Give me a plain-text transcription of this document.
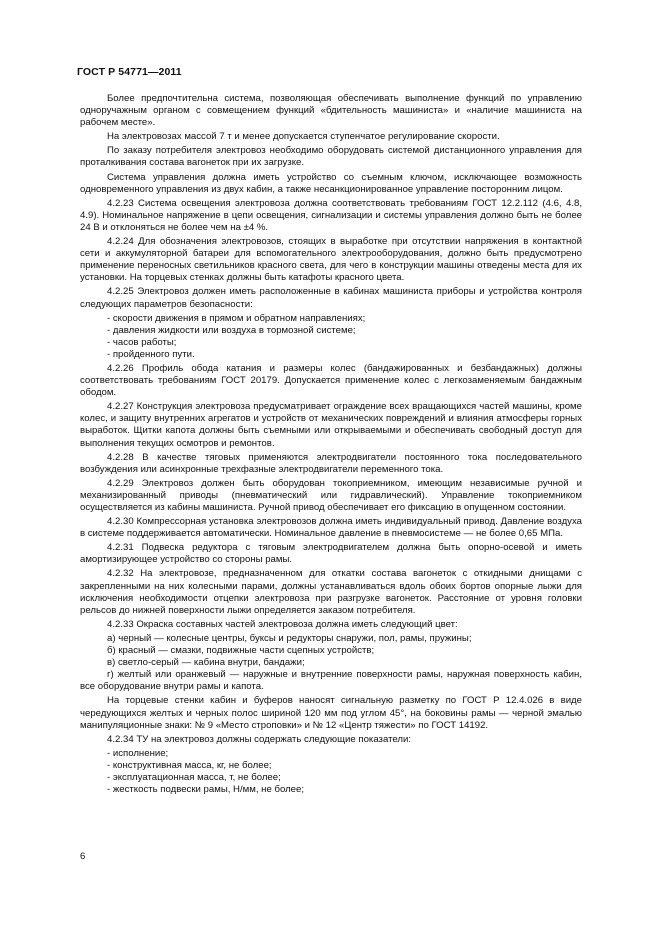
ГОСТ Р 54771—2011

Более предпочтительна система, позволяющая обеспечивать выполнение функций по управлению одноручажным органом с совмещением функций «бдительность машиниста» и «наличие машиниста на рабочем месте».

На электровозах массой 7 т и менее допускается ступенчатое регулирование скорости.

По заказу потребителя электровоз необходимо оборудовать системой дистанционного управления для проталкивания состава вагонеток при их загрузке.

Система управления должна иметь устройство со съемным ключом, исключающее возможность одновременного управления из двух кабин, а также несанкционированное управление посторонним лицом.

4.2.23 Система освещения электровоза должна соответствовать требованиям ГОСТ 12.2.112 (4.6, 4.8, 4.9). Номинальное напряжение в цепи освещения, сигнализации и системы управления должно быть не более 24 В и отклоняться не более чем на ±4 %.

4.2.24 Для обозначения электровозов, стоящих в выработке при отсутствии напряжения в контактной сети и аккумуляторной батареи для вспомогательного электрооборудования, должно быть предусмотрено применение переносных светильников красного света, для чего в конструкции машины отведены места для их установки. На торцевых стенках должны быть катафоты красного цвета.

4.2.25 Электровоз должен иметь расположенные в кабинах машиниста приборы и устройства контроля следующих параметров безопасности:

- скорости движения в прямом и обратном направлениях;

- давления жидкости или воздуха в тормозной системе;

- часов работы;

- пройденного пути.

4.2.26 Профиль обода катания и размеры колес (бандажированных и безбандажных) должны соответствовать требованиям ГОСТ 20179. Допускается применение колес с легкозаменяемым бандажным ободом.

4.2.27 Конструкция электровоза предусматривает ограждение всех вращающихся частей машины, кроме колес, и защиту внутренних агрегатов и устройств от механических повреждений и влияния атмосферы горных выработок. Щитки капота должны быть съемными или открываемыми и обеспечивать свободный доступ для выполнения текущих осмотров и ремонтов.

4.2.28 В качестве тяговых применяются электродвигатели постоянного тока последовательного возбуждения или асинхронные трехфазные электродвигатели переменного тока.

4.2.29 Электровоз должен быть оборудован токоприемником, имеющим независимые ручной и механизированный приводы (пневматический или гидравлический). Управление токоприемником осуществляется из кабины машиниста. Ручной привод обеспечивает его фиксацию в опущенном состоянии.

4.2.30 Компрессорная установка электровозов должна иметь индивидуальный привод. Давление воздуха в системе поддерживается автоматически. Номинальное давление в пневмосистеме — не более 0,65 МПа.

4.2.31 Подвеска редуктора с тяговым электродвигателем должна быть опорно-осевой и иметь амортизирующее устройство со стороны рамы.

4.2.32 На электровозе, предназначенном для откатки состава вагонеток с откидными днищами с закрепленными на них колесными парами, должны устанавливаться вдоль обоих бортов опорные лыжи для исключения необходимости отцепки электровоза при разгрузке вагонеток. Расстояние от уровня головки рельсов до нижней поверхности лыжи определяется заказом потребителя.

4.2.33 Окраска составных частей электровоза должна иметь следующий цвет:

а) черный — колесные центры, буксы и редукторы снаружи, пол, рамы, пружины;

б) красный — смазки, подвижные части сцепных устройств;

в) светло-серый — кабина внутри, бандажи;

г) желтый или оранжевый — наружные и внутренние поверхности рамы, наружная поверхность кабин, все оборудование внутри рамы и капота.

На торцевые стенки кабин и буферов наносят сигнальную разметку по ГОСТ Р 12.4.026 в виде чередующихся желтых и черных полос шириной 120 мм под углом 45°, на боковины рамы — черной эмалью манипуляционные знаки: № 9 «Место строповки» и № 12 «Центр тяжести» по ГОСТ 14192.

4.2.34 ТУ на электровоз должны содержать следующие показатели:

- исполнение;

- конструктивная масса, кг, не более;

- эксплуатационная масса, т, не более;

- жесткость подвески рамы, Н/мм, не более;

6
